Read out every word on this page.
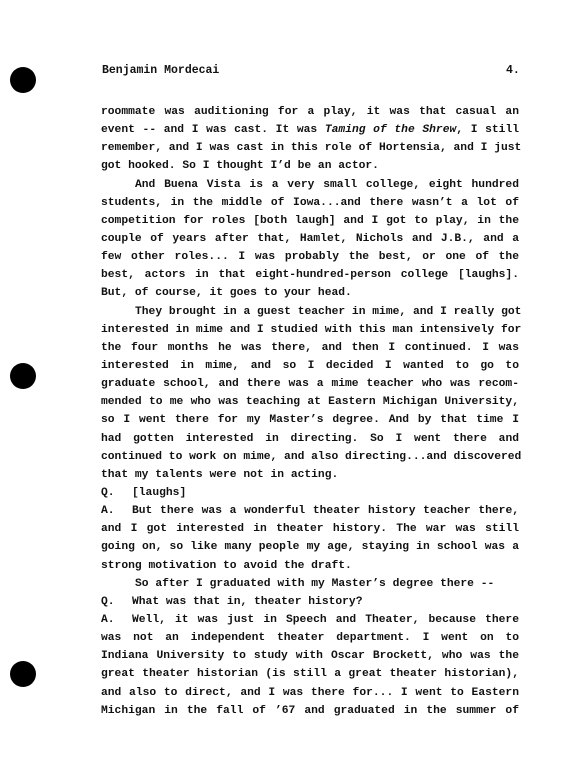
Benjamin Mordecai	4.
roommate was auditioning for a play, it was that casual an
event -- and I was cast. It was Taming of the Shrew, I still
remember, and I was cast in this role of Hortensia, and I just
got hooked. So I thought I’d be an actor.
And Buena Vista is a very small college, eight hundred
students, in the middle of Iowa...and there wasn’t a lot of
competition for roles [both laugh] and I got to play, in the
couple of years after that, Hamlet, Nichols and J.B., and a
few other roles... I was probably the best, or one of the
best, actors in that eight-hundred-person college [laughs].
But, of course, it goes to your head.
They brought in a guest teacher in mime, and I really got
interested in mime and I studied with this man intensively for
the four months he was there, and then I continued. I was
interested in mime, and so I decided I wanted to go to
graduate school, and there was a mime teacher who was recom-
mended to me who was teaching at Eastern Michigan University,
so I went there for my Master’s degree. And by that time I
had gotten interested in directing. So I went there and
continued to work on mime, and also directing...and discovered
that my talents were not in acting.
Q. [laughs]
A. But there was a wonderful theater history teacher there,
and I got interested in theater history. The war was still
going on, so like many people my age, staying in school was a
strong motivation to avoid the draft.
So after I graduated with my Master’s degree there --
Q. What was that in, theater history?
A. Well, it was just in Speech and Theater, because there
was not an independent theater department. I went on to
Indiana University to study with Oscar Brockett, who was the
great theater historian (is still a great theater historian),
and also to direct, and I was there for... I went to Eastern
Michigan in the fall of ’67 and graduated in the summer of
